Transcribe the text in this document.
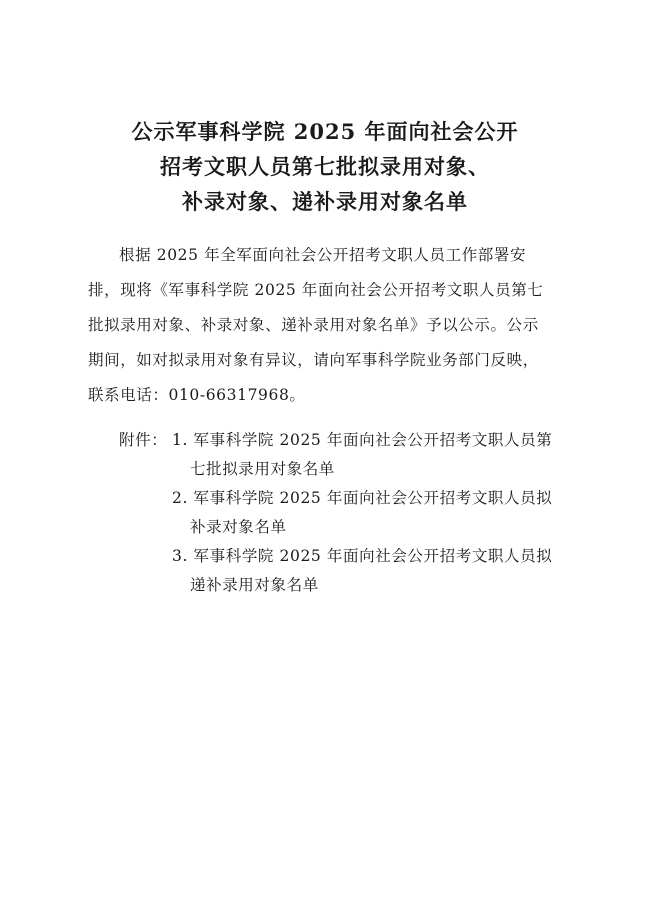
公示军事科学院 2025 年面向社会公开
招考文职人员第七批拟录用对象、
补录对象、递补录用对象名单
根据 2025 年全军面向社会公开招考文职人员工作部署安
排，现将《军事科学院 2025 年面向社会公开招考文职人员第七
批拟录用对象、补录对象、递补录用对象名单》予以公示。公示
期间，如对拟录用对象有异议，请向军事科学院业务部门反映，
联系电话：010-66317968。
附件： 1. 军事科学院 2025 年面向社会公开招考文职人员第
七批拟录用对象名单
2. 军事科学院 2025 年面向社会公开招考文职人员拟
补录对象名单
3. 军事科学院 2025 年面向社会公开招考文职人员拟
递补录用对象名单
